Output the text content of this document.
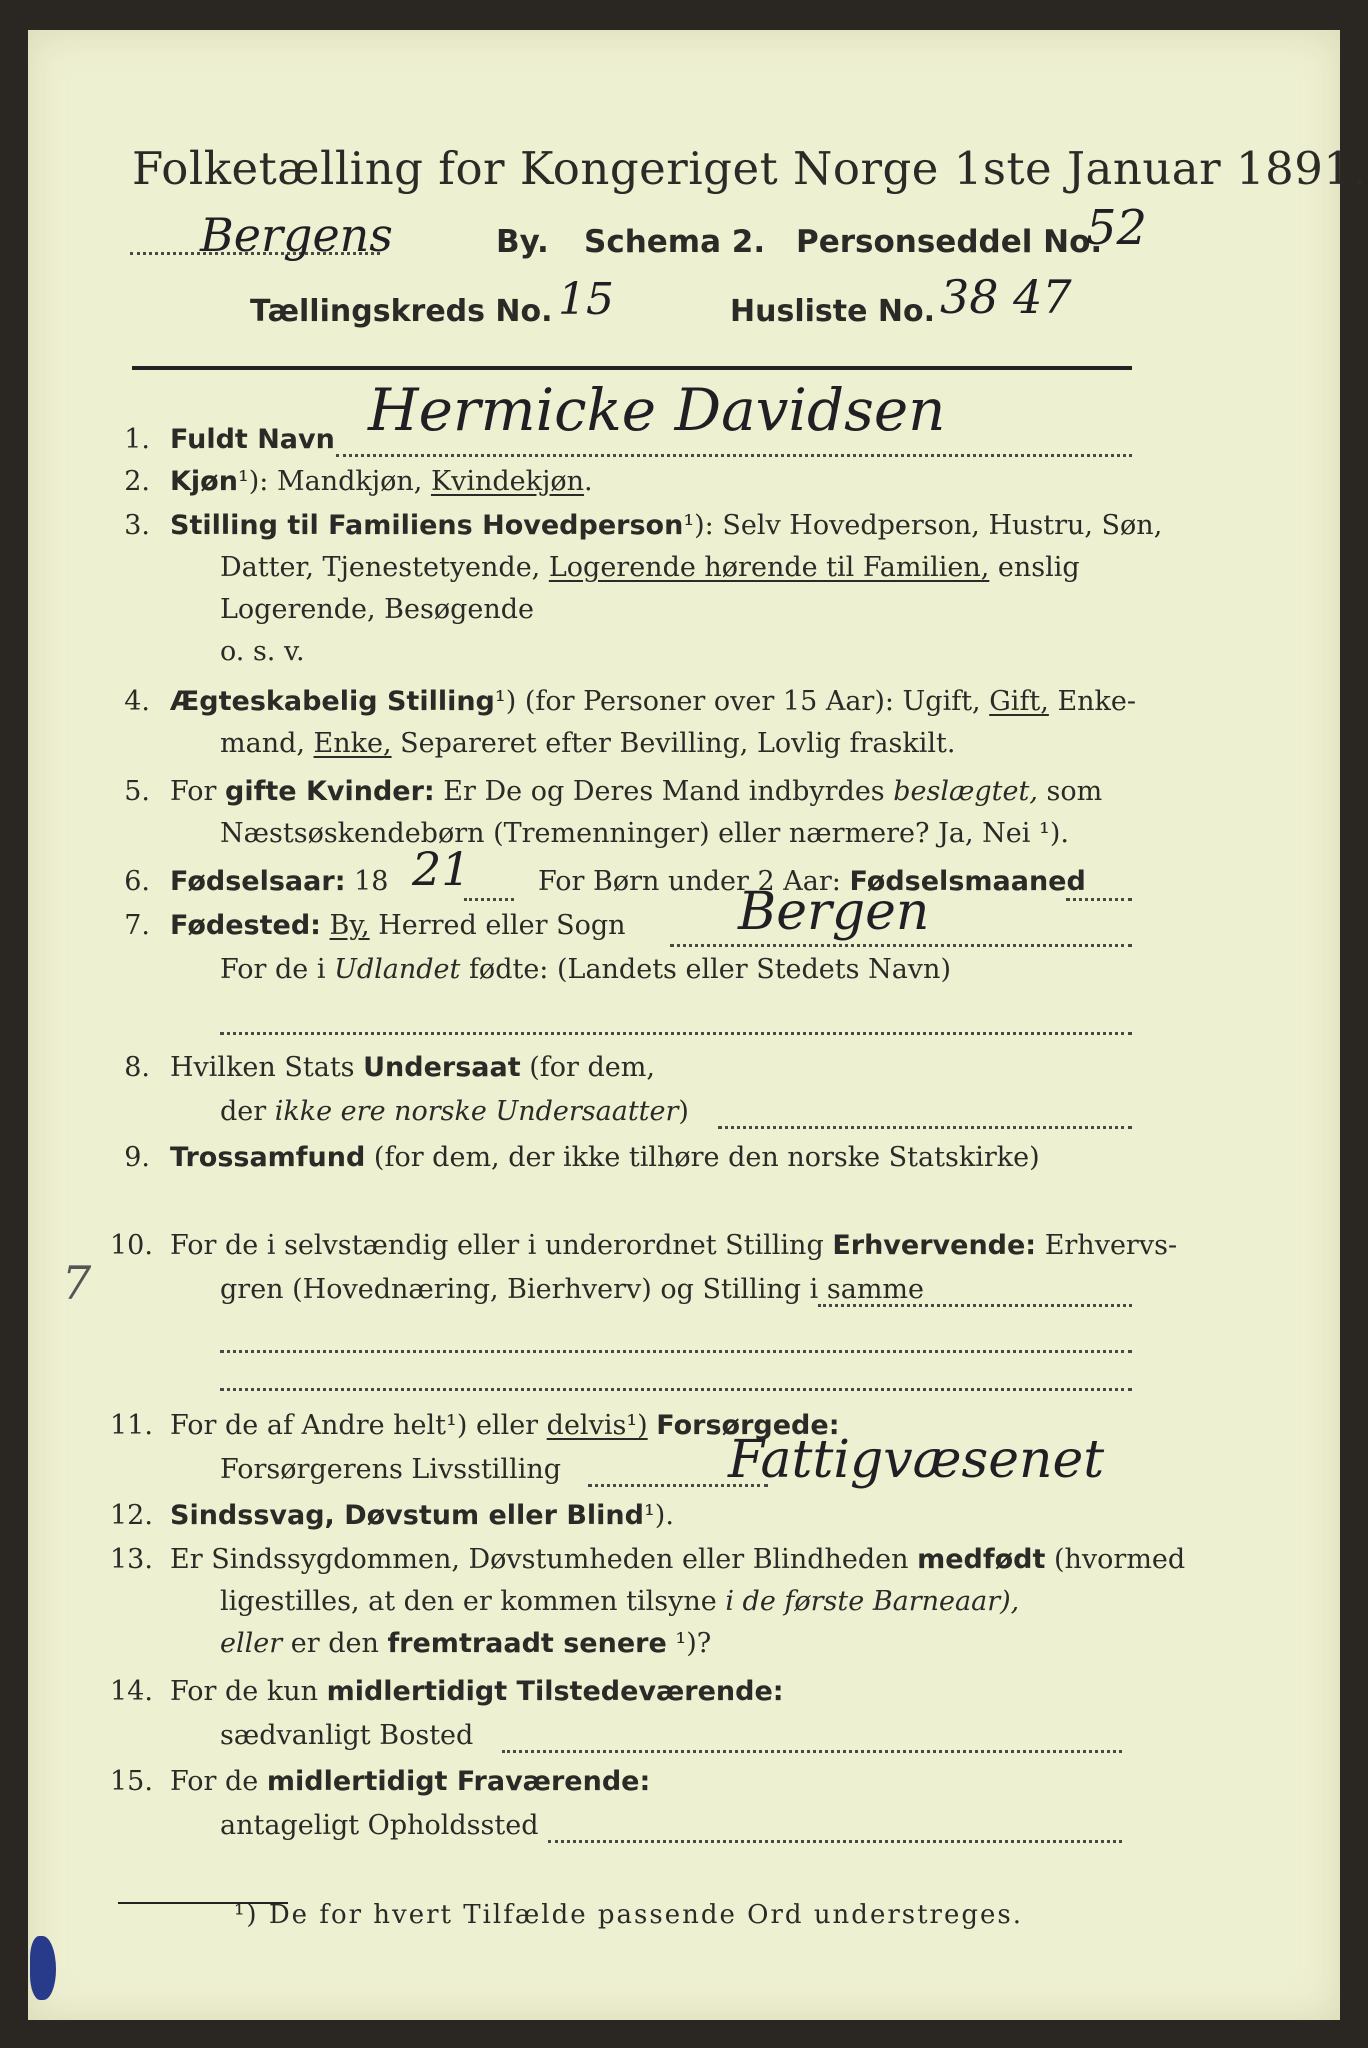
Folketælling for Kongeriget Norge 1ste Januar 1891.
Bergens	By. Schema 2. Personseddel No.
52
Tællingskreds No. 15	Husliste No. 38 47
1. Fuldt Navn Hermicke Davidsen
2. Kjøn¹): Mandkjøn, Kvindekjøn.
3. Stilling til Familiens Hovedperson¹): Selv Hovedperson, Hustru, Søn,
Datter, Tjenestetyende, Logerende hørende til Familien, enslig
Logerende, Besøgende
o. s. v.
4. Ægteskabelig Stilling¹) (for Personer over 15 Aar): Ugift, Gift, Enke-
mand, Enke, Separeret efter Bevilling, Lovlig fraskilt.
5. For gifte Kvinder: Er De og Deres Mand indbyrdes beslægtet, som
Næstsøskendebørn (Tremenninger) eller nærmere? Ja, Nei ¹).
6. Fødselsaar: 18 21 For Børn under 2 Aar: Fødselsmaaned
7. Fødested: By, Herred eller Sogn Bergen
For de i Udlandet fødte: (Landets eller Stedets Navn)
8. Hvilken Stats Undersaat (for dem,
der ikke ere norske Undersaatter)
9. Trossamfund (for dem, der ikke tilhøre den norske Statskirke)
10. For de i selvstændig eller i underordnet Stilling Erhvervende: Erhvervs-
gren (Hovednæring, Bierhverv) og Stilling i samme
7
11. For de af Andre helt¹) eller delvis¹) Forsørgede:
Forsørgerens Livsstilling	Fattigvæsenet
12. Sindssvag, Døvstum eller Blind¹).
13. Er Sindssygdommen, Døvstumheden eller Blindheden medfødt (hvormed
ligestilles, at den er kommen tilsyne i de første Barneaar),
eller er den fremtraadt senere ¹)?
14. For de kun midlertidigt Tilstedeværende:
sædvanligt Bosted
15. For de midlertidigt Fraværende:
antageligt Opholdssted
¹) De for hvert Tilfælde passende Ord understreges.
